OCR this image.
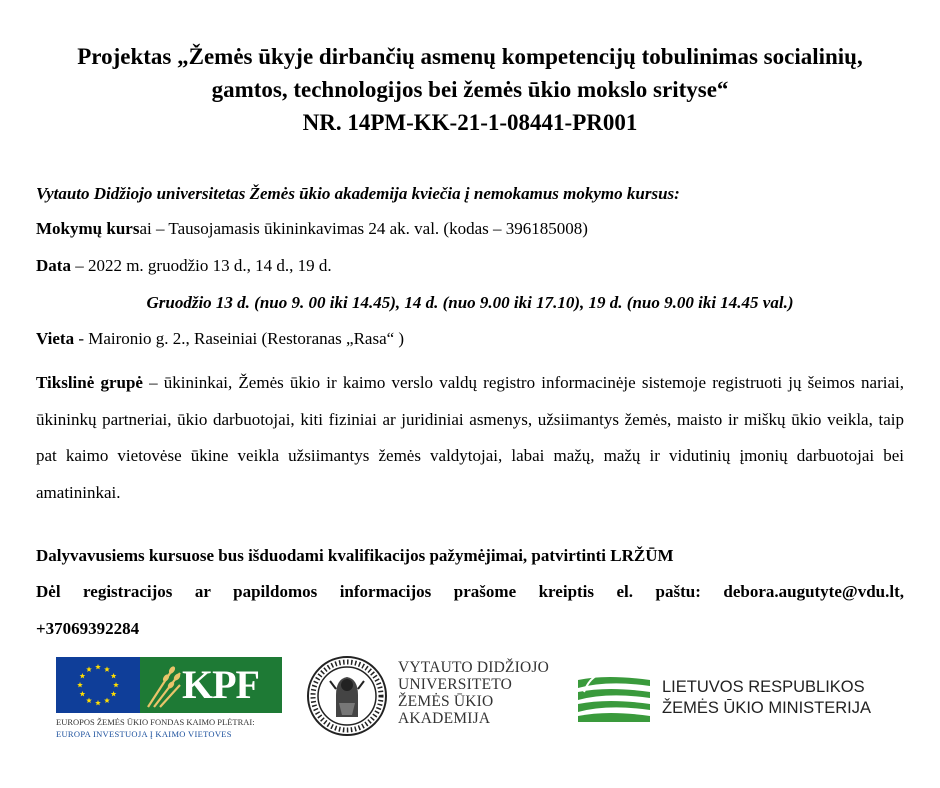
Projektas „Žemės ūkyje dirbančių asmenų kompetencijų tobulinimas socialinių,
gamtos, technologijos bei žemės ūkio mokslo srityse“
NR. 14PM-KK-21-1-08441-PR001
Vytauto Didžiojo universitetas Žemės ūkio akademija kviečia į nemokamus mokymo kursus:
Mokymų kursai – Tausojamasis ūkininkavimas 24 ak. val. (kodas – 396185008)
Data – 2022 m. gruodžio 13 d., 14 d., 19 d.
Gruodžio 13 d. (nuo 9. 00 iki 14.45), 14 d. (nuo 9.00 iki 17.10), 19 d. (nuo 9.00 iki 14.45 val.)
Vieta - Maironio g. 2., Raseiniai (Restoranas „Rasa“ )
Tikslinė grupė – ūkininkai, Žemės ūkio ir kaimo verslo valdų registro informacinėje sistemoje registruoti jų šeimos nariai, ūkininkų partneriai, ūkio darbuotojai, kiti fiziniai ar juridiniai asmenys, užsiimantys žemės, maisto ir miškų ūkio veikla, taip pat kaimo vietovėse ūkine veikla užsiimantys žemės valdytojai, labai mažų, mažų ir vidutinių įmonių darbuotojai bei amatininkai.
Dalyvavusiems kursuose bus išduodami kvalifikacijos pažymėjimai, patvirtinti LRŽŪM
Dėl registracijos ar papildomos informacijos prašome kreiptis el. paštu: debora.augutyte@vdu.lt,
+37069392284
KPF
EUROPOS ŽEMĖS ŪKIO FONDAS KAIMO PLĖTRAI:
EUROPA INVESTUOJA Į KAIMO VIETOVES
VYTAUTO DIDŽIOJO
UNIVERSITETO
ŽEMĖS ŪKIO
AKADEMIJA
LIETUVOS RESPUBLIKOS
ŽEMĖS ŪKIO MINISTERIJA
